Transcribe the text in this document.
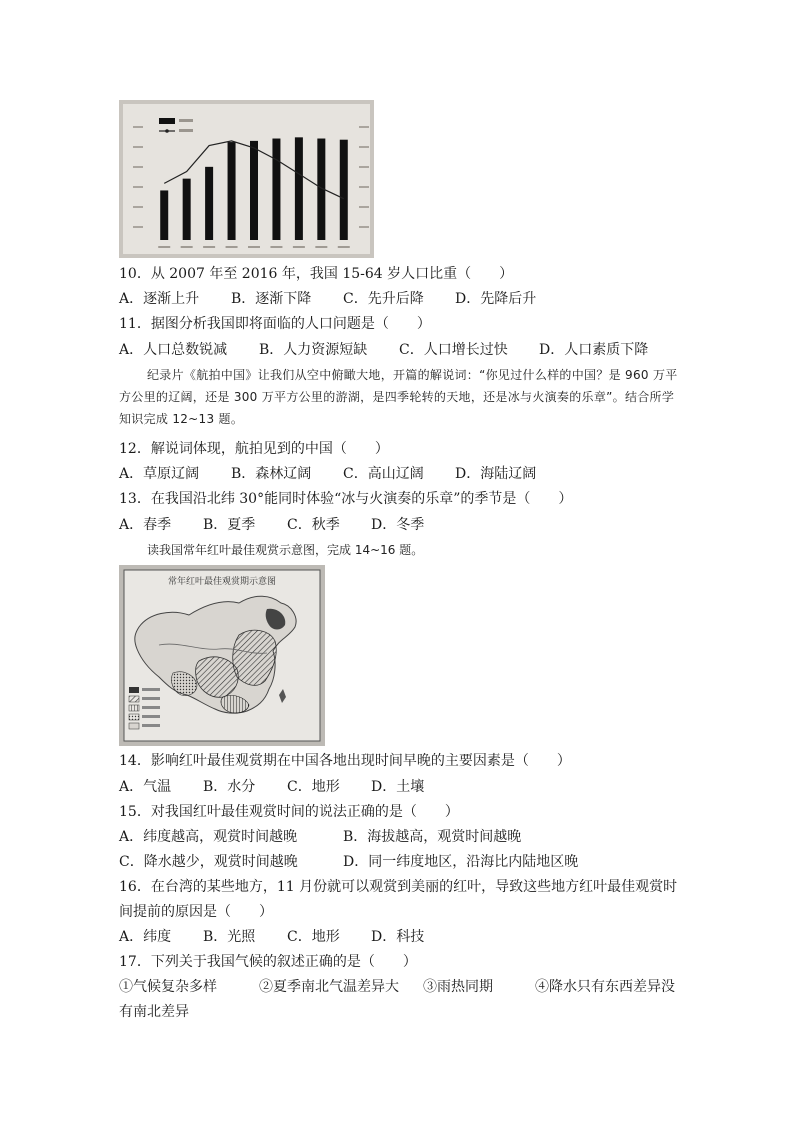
10．从 2007 年至 2016 年，我国 15-64 岁人口比重（　　）
A．逐渐上升 B．逐渐下降 C．先升后降 D．先降后升
11．据图分析我国即将面临的人口问题是（　　）
A．人口总数锐减 B．人力资源短缺 C．人口增长过快 D．人口素质下降
纪录片《航拍中国》让我们从空中俯瞰大地，开篇的解说词：“你见过什么样的中国？是 960 万平方公里的辽阔，还是 300 万平方公里的游湖，是四季轮转的天地，还是冰与火演奏的乐章”。结合所学知识完成 12~13 题。
12．解说词体现，航拍见到的中国（　　）
A．草原辽阔 B．森林辽阔 C．高山辽阔 D．海陆辽阔
13．在我国沿北纬 30°能同时体验“冰与火演奏的乐章”的季节是（　　）
A．春季 B．夏季 C．秋季 D．冬季
读我国常年红叶最佳观赏示意图，完成 14~16 题。
常年红叶最佳观赏期示意图
14．影响红叶最佳观赏期在中国各地出现时间早晚的主要因素是（　　）
A．气温 B．水分 C．地形 D．土壤
15．对我国红叶最佳观赏时间的说法正确的是（　　）
A．纬度越高，观赏时间越晚	B．海拔越高，观赏时间越晚
C．降水越少，观赏时间越晚	D．同一纬度地区，沿海比内陆地区晚
16．在台湾的某些地方，11 月份就可以观赏到美丽的红叶，导致这些地方红叶最佳观赏时
间提前的原因是（　　）
A．纬度 B．光照 C．地形 D．科技
17．下列关于我国气候的叙述正确的是（　　）
①气候复杂多样	②夏季南北气温差异大 ③雨热同期	④降水只有东西差异没
有南北差异
